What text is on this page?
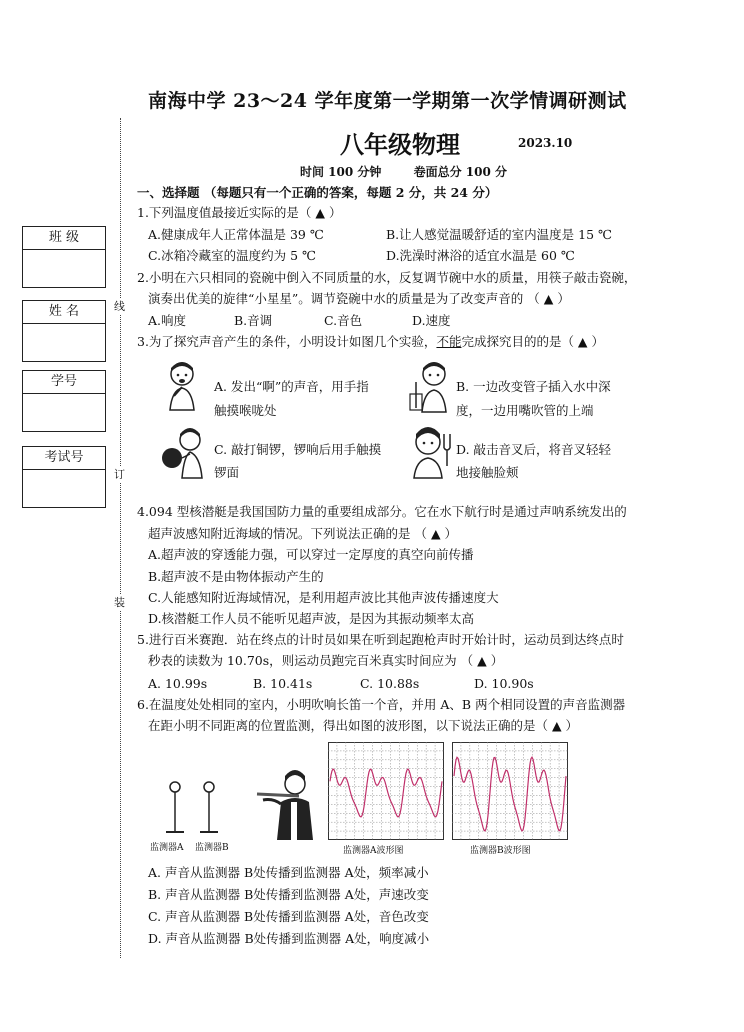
南海中学 23～24 学年度第一学期第一次学情调研测试
八年级物理	2023.10
时间 100 分钟	卷面总分 100 分
线
订
装
班 级
姓 名
学号
考试号
一、选择题 （每题只有一个正确的答案，每题 2 分，共 24 分）
1.下列温度值最接近实际的是（ ▲ ）
A.健康成年人正常体温是 39 ℃	B.让人感觉温暖舒适的室内温度是 15 ℃
C.冰箱冷藏室的温度约为 5 ℃	D.洗澡时淋浴的适宜水温是 60 ℃
2.小明在六只相同的瓷碗中倒入不同质量的水，反复调节碗中水的质量，用筷子敲击瓷碗，
演奏出优美的旋律“小星星”。调节瓷碗中水的质量是为了改变声音的 （ ▲ ）
A.响度	B.音调	C.音色	D.速度
3.为了探究声音产生的条件，小明设计如图几个实验，不能完成探究目的的是（ ▲ ）
A. 发出“啊”的声音，用手指
触摸喉咙处
B. 一边改变管子插入水中深
度，一边用嘴吹管的上端
C. 敲打铜锣，锣响后用手触摸
锣面
D. 敲击音叉后，将音叉轻轻
地接触脸颊
4.094 型核潜艇是我国国防力量的重要组成部分。它在水下航行时是通过声呐系统发出的
超声波感知附近海域的情况。下列说法正确的是 （ ▲ ）
A.超声波的穿透能力强，可以穿过一定厚度的真空向前传播
B.超声波不是由物体振动产生的
C.人能感知附近海域情况，是利用超声波比其他声波传播速度大
D.核潜艇工作人员不能听见超声波，是因为其振动频率太高
5.进行百米赛跑．站在终点的计时员如果在听到起跑枪声时开始计时，运动员到达终点时
秒表的读数为 10.70s，则运动员跑完百米真实时间应为 （ ▲ ）
A. 10.99s	B. 10.41s	C. 10.88s	D. 10.90s
6.在温度处处相同的室内，小明吹响长笛一个音，并用 A、B 两个相同设置的声音监测器
在距小明不同距离的位置监测，得出如图的波形图，以下说法正确的是（ ▲ ）
监测器A 监测器B	监测器A波形图	监测器B波形图
A. 声音从监测器 B处传播到监测器 A处，频率减小
B. 声音从监测器 B处传播到监测器 A处，声速改变
C. 声音从监测器 B处传播到监测器 A处，音色改变
D. 声音从监测器 B处传播到监测器 A处，响度减小
